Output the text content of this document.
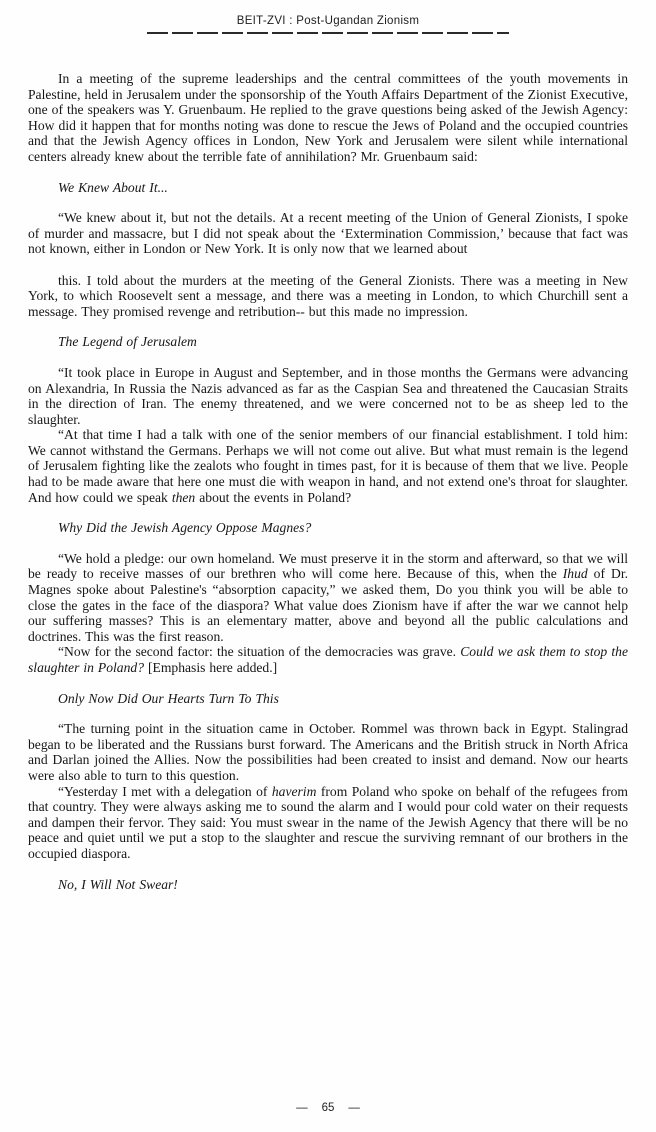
BEIT-ZVI : Post-Ugandan Zionism

In a meeting of the supreme leaderships and the central committees of the youth movements in Palestine, held in Jerusalem under the sponsorship of the Youth Affairs Department of the Zionist Executive, one of the speakers was Y. Gruenbaum. He replied to the grave questions being asked of the Jewish Agency: How did it happen that for months noting was done to rescue the Jews of Poland and the occupied countries and that the Jewish Agency offices in London, New York and Jerusalem were silent while international centers already knew about the terrible fate of annihilation? Mr. Gruenbaum said:

We Knew About It...

“We knew about it, but not the details. At a recent meeting of the Union of General Zionists, I spoke of murder and massacre, but I did not speak about the ‘Extermination Commission,’ because that fact was not known, either in London or New York. It is only now that we learned about

this. I told about the murders at the meeting of the General Zionists. There was a meeting in New York, to which Roosevelt sent a message, and there was a meeting in London, to which Churchill sent a message. They promised revenge and retribution-- but this made no impression.

The Legend of Jerusalem

“It took place in Europe in August and September, and in those months the Germans were advancing on Alexandria, In Russia the Nazis advanced as far as the Caspian Sea and threatened the Caucasian Straits in the direction of Iran. The enemy threatened, and we were concerned not to be as sheep led to the slaughter.

“At that time I had a talk with one of the senior members of our financial establishment. I told him: We cannot withstand the Germans. Perhaps we will not come out alive. But what must remain is the legend of Jerusalem fighting like the zealots who fought in times past, for it is because of them that we live. People had to be made aware that here one must die with weapon in hand, and not extend one's throat for slaughter. And how could we speak then about the events in Poland?

Why Did the Jewish Agency Oppose Magnes?

“We hold a pledge: our own homeland. We must preserve it in the storm and afterward, so that we will be ready to receive masses of our brethren who will come here. Because of this, when the Ihud of Dr. Magnes spoke about Palestine's “absorption capacity,” we asked them, Do you think you will be able to close the gates in the face of the diaspora? What value does Zionism have if after the war we cannot help our suffering masses? This is an elementary matter, above and beyond all the public calculations and doctrines. This was the first reason.

“Now for the second factor: the situation of the democracies was grave. Could we ask them to stop the slaughter in Poland? [Emphasis here added.]

Only Now Did Our Hearts Turn To This

“The turning point in the situation came in October. Rommel was thrown back in Egypt. Stalingrad began to be liberated and the Russians burst forward. The Americans and the British struck in North Africa and Darlan joined the Allies. Now the possibilities had been created to insist and demand. Now our hearts were also able to turn to this question.

“Yesterday I met with a delegation of haverim from Poland who spoke on behalf of the refugees from that country. They were always asking me to sound the alarm and I would pour cold water on their requests and dampen their fervor. They said: You must swear in the name of the Jewish Agency that there will be no peace and quiet until we put a stop to the slaughter and rescue the surviving remnant of our brothers in the occupied diaspora.

No, I Will Not Swear!

— 65 —
